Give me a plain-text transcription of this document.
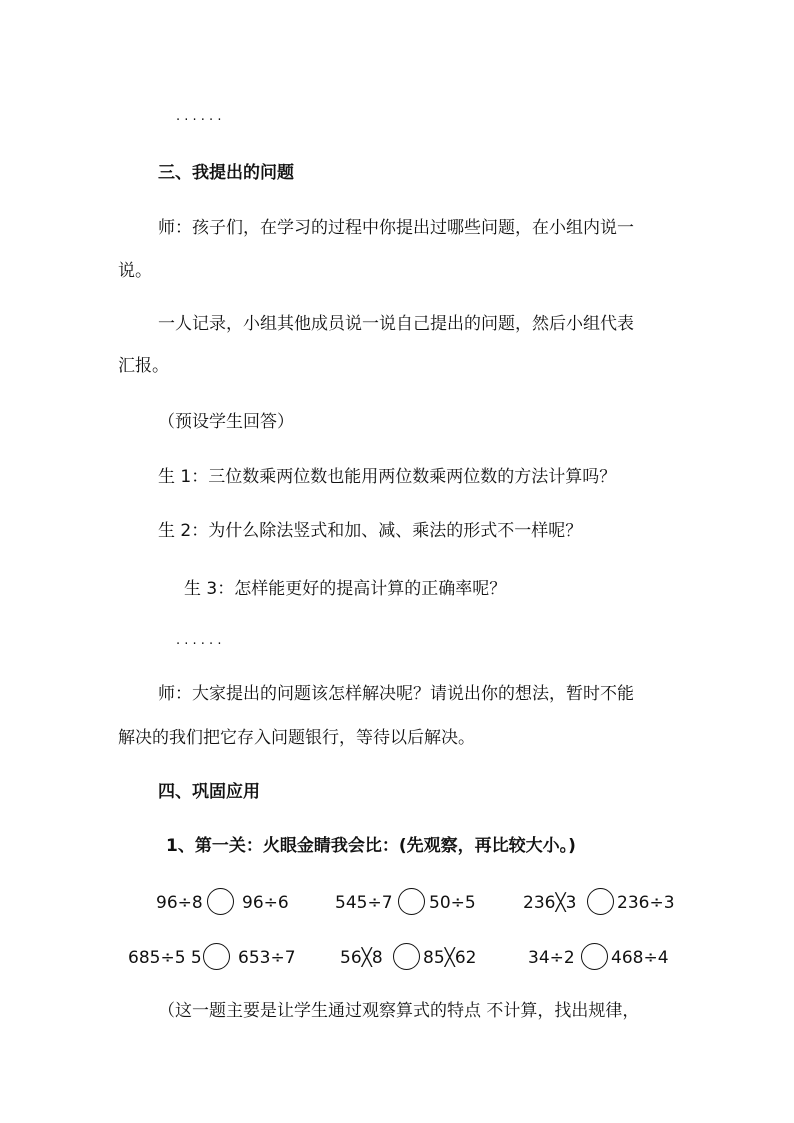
· · · · · ·
三、我提出的问题
师：孩子们，在学习的过程中你提出过哪些问题，在小组内说一
说。
一人记录，小组其他成员说一说自己提出的问题，然后小组代表
汇报。
（预设学生回答）
生 1：三位数乘两位数也能用两位数乘两位数的方法计算吗？
生 2：为什么除法竖式和加、减、乘法的形式不一样呢？
生 3：怎样能更好的提高计算的正确率呢？
· · · · · ·
师：大家提出的问题该怎样解决呢？请说出你的想法，暂时不能
解决的我们把它存入问题银行，等待以后解决。
四、巩固应用
1、第一关：火眼金睛我会比：(先观察，再比较大小。)
96÷8 96÷6	545÷7 50÷5	236╳3 236÷3
685÷5 5 653÷7	56╳8 85╳62	34÷2 468÷4
（这一题主要是让学生通过观察算式的特点 不计算，找出规律，
